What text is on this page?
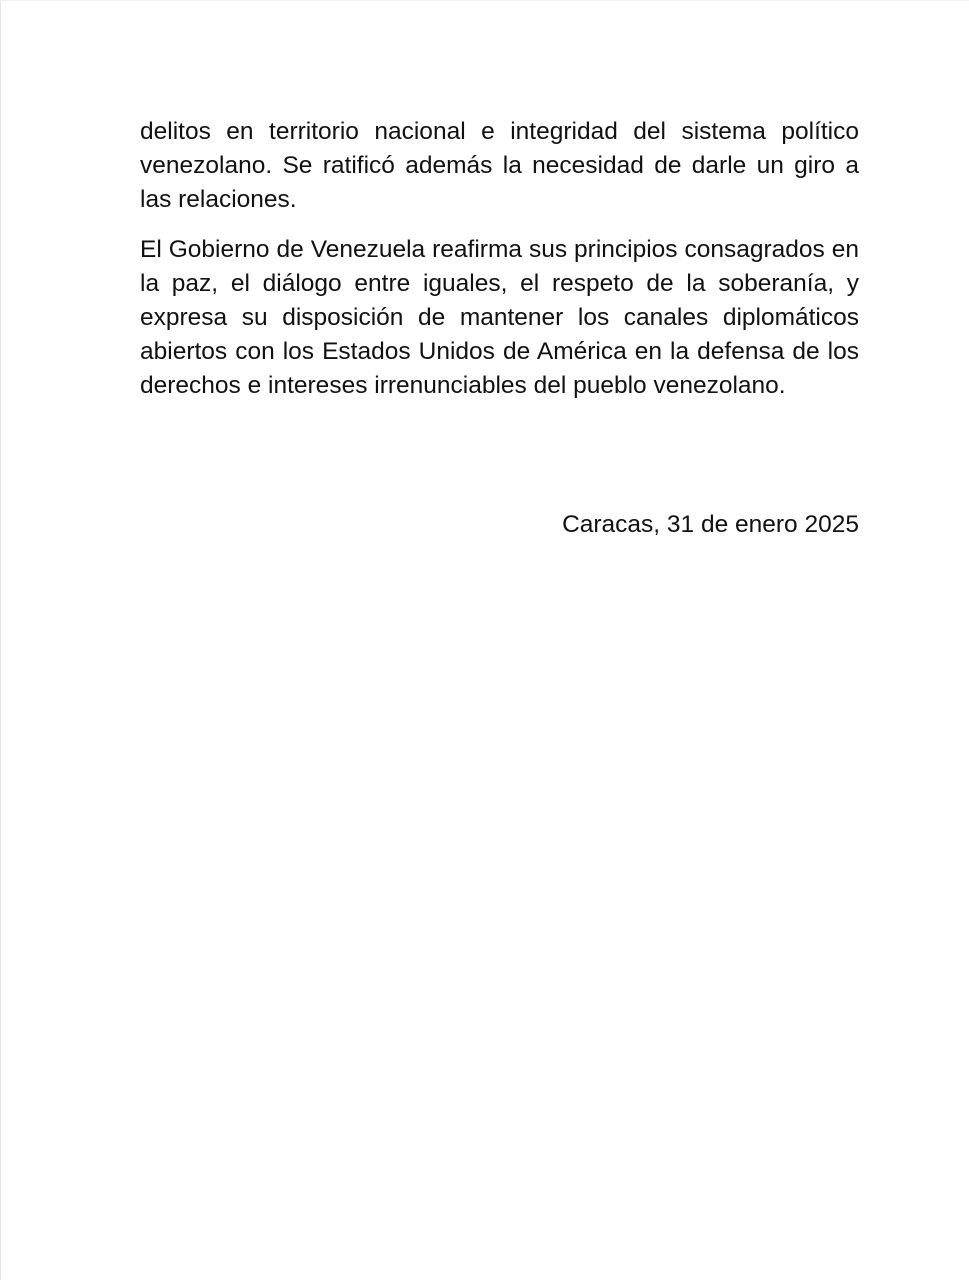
delitos en territorio nacional e integridad del sistema político venezolano. Se ratificó además la necesidad de darle un giro a las relaciones.

El Gobierno de Venezuela reafirma sus principios consagrados en la paz, el diálogo entre iguales, el respeto de la soberanía, y expresa su disposición de mantener los canales diplomáticos abiertos con los Estados Unidos de América en la defensa de los derechos e intereses irrenunciables del pueblo venezolano.

Caracas, 31 de enero 2025
